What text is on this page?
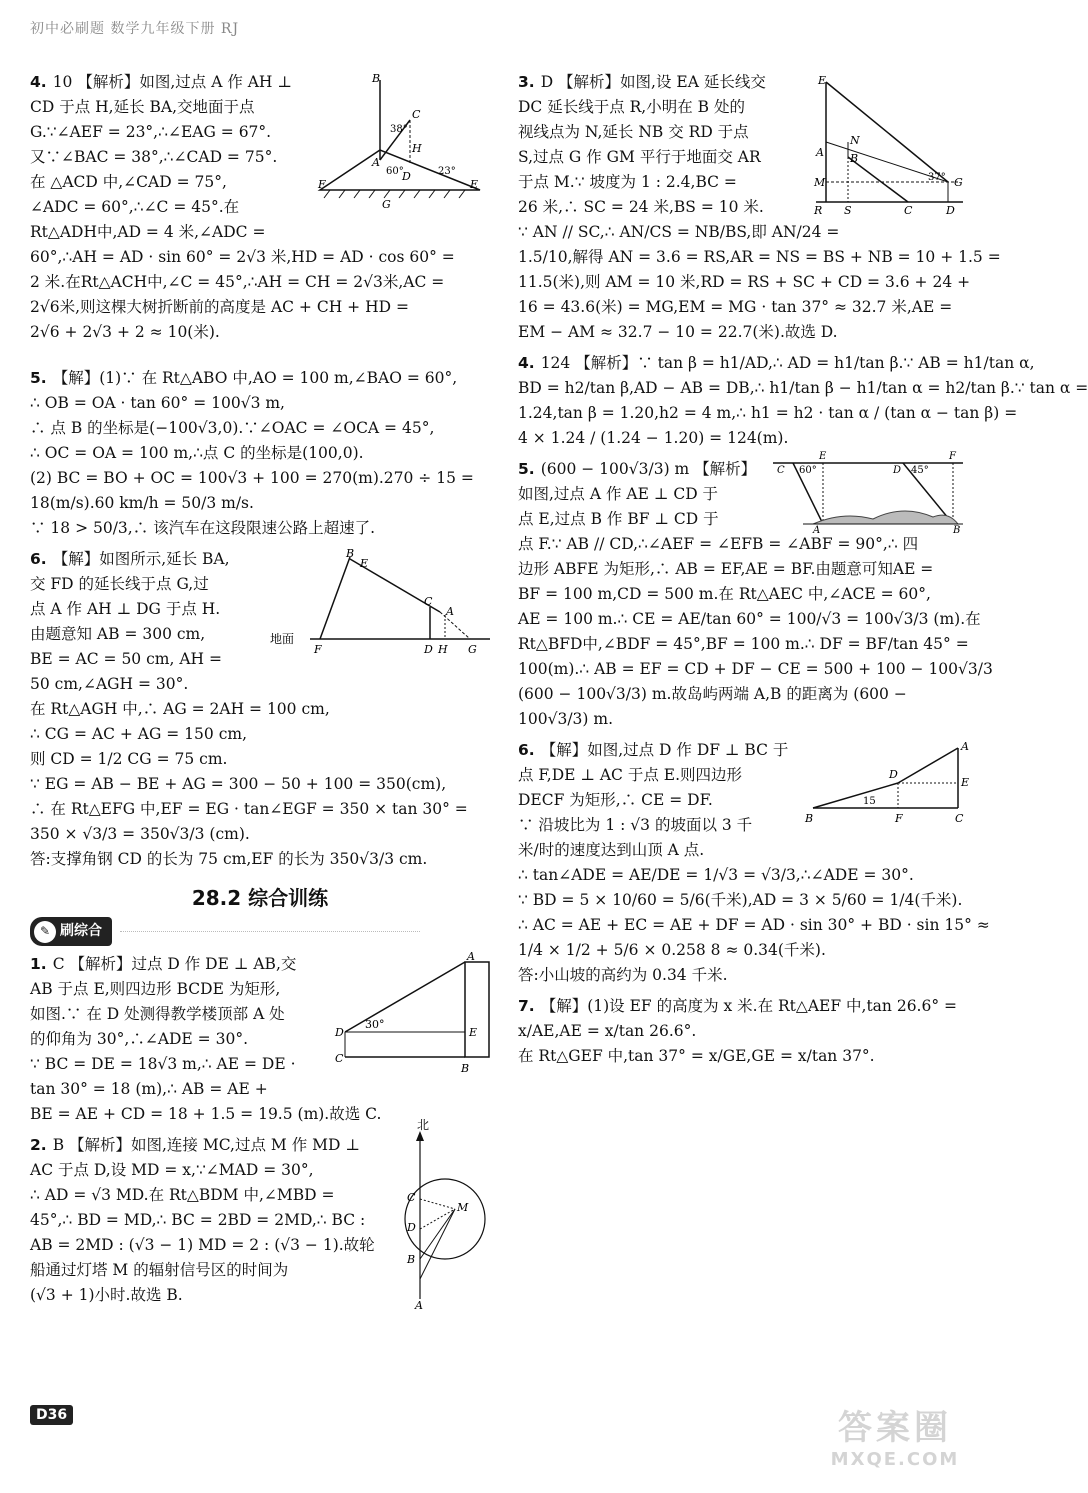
初中必刷题 数学九年级下册 RJ
4. 10 【解析】如图,过点 A 作 AH ⊥
CD 于点 H,延长 BA,交地面于点
G.∵∠AEF = 23°,∴∠EAG = 67°.
又∵∠BAC = 38°,∴∠CAD = 75°.
在 △ACD 中,∠CAD = 75°,
∠ADC = 60°,∴∠C = 45°.在
Rt△ADH中,AD = 4 米,∠ADC =
60°,∴AH = AD · sin 60° = 2√3 米,HD = AD · cos 60° =
2 米.在Rt△ACH中,∠C = 45°,∴AH = CH = 2√3米,AC =
2√6米,则这棵大树折断前的高度是 AC + CH + HD =
2√6 + 2√3 + 2 ≈ 10(米).
B
C
38°
H
A
60°
D	23°
F	E
G
5. 【解】(1)∵ 在 Rt△ABO 中,AO = 100 m,∠BAO = 60°,
∴ OB = OA · tan 60° = 100√3 m,
∴ 点 B 的坐标是(−100√3,0).∵∠OAC = ∠OCA = 45°,
∴ OC = OA = 100 m,∴点 C 的坐标是(100,0).
(2) BC = BO + OC = 100√3 + 100 = 270(m).270 ÷ 15 =
18(m/s).60 km/h = 50/3 m/s.
∵ 18 > 50/3,∴ 该汽车在这段限速公路上超速了.
6. 【解】如图所示,延长 BA,
交 FD 的延长线于点 G,过
点 A 作 AH ⊥ DG 于点 H.
由题意知 AB = 300 cm,
BE = AC = 50 cm, AH =
50 cm,∠AGH = 30°.
在 Rt△AGH 中,∴ AG = 2AH = 100 cm,
∴ CG = AC + AG = 150 cm,
则 CD = 1/2 CG = 75 cm.
∵ EG = AB − BE + AG = 300 − 50 + 100 = 350(cm),
∴ 在 Rt△EFG 中,EF = EG · tan∠EGF = 350 × tan 30° =
350 × √3/3 = 350√3/3 (cm).
答:支撑角钢 CD 的长为 75 cm,EF 的长为 350√3/3 cm.
地面
B
E
C
A
F	D H G
28.2 综合训练
✎ 刷综合
1. C 【解析】过点 D 作 DE ⊥ AB,交
AB 于点 E,则四边形 BCDE 为矩形,
如图.∵ 在 D 处测得教学楼顶部 A 处
的仰角为 30°,∴∠ADE = 30°.
∵ BC = DE = 18√3 m,∴ AE = DE ·
tan 30° = 18 (m),∴ AB = AE +
BE = AE + CD = 18 + 1.5 = 19.5 (m).故选 C.
A
30°
D	E
C
B
2. B 【解析】如图,连接 MC,过点 M 作 MD ⊥
AC 于点 D,设 MD = x,∵∠MAD = 30°,
∴ AD = √3 MD.在 Rt△BDM 中,∠MBD =
45°,∴ BD = MD,∴ BC = 2BD = 2MD,∴ BC :
AB = 2MD : (√3 − 1) MD = 2 : (√3 − 1).故轮
船通过灯塔 M 的辐射信号区的时间为
(√3 + 1)小时.故选 B.
北
M
C
D
B
A
3. D 【解析】如图,设 EA 延长线交
DC 延长线于点 R,小明在 B 处的
视线点为 N,延长 NB 交 RD 于点
S,过点 G 作 GM 平行于地面交 AR
于点 M.∵ 坡度为 1 : 2.4,BC =
26 米,∴ SC = 24 米,BS = 10 米.
∵ AN // SC,∴ AN/CS = NB/BS,即 AN/24 =
1.5/10,解得 AN = 3.6 = RS,AR = NS = BS + NB = 10 + 1.5 =
11.5(米),则 AM = 10 米,RD = RS + SC + CD = 3.6 + 24 +
16 = 43.6(米) = MG,EM = MG · tan 37° ≈ 32.7 米,AE =
EM − AM ≈ 32.7 − 10 = 22.7(米).故选 D.
E
A
N
B
M	37° G
R S	C	D
4. 124 【解析】∵ tan β = h1/AD,∴ AD = h1/tan β.∵ AB = h1/tan α,
BD = h2/tan β,AD − AB = DB,∴ h1/tan β − h1/tan α = h2/tan β.∵ tan α =
1.24,tan β = 1.20,h2 = 4 m,∴ h1 = h2 · tan α / (tan α − tan β) =
4 × 1.24 / (1.24 − 1.20) = 124(m).
5. (600 − 100√3/3) m 【解析】
如图,过点 A 作 AE ⊥ CD 于
点 E,过点 B 作 BF ⊥ CD 于
点 F.∵ AB // CD,∴∠AEF = ∠EFB = ∠ABF = 90°,∴ 四
边形 ABFE 为矩形,∴ AB = EF,AE = BF.由题意可知AE =
BF = 100 m,CD = 500 m.在 Rt△AEC 中,∠ACE = 60°,
AE = 100 m.∴ CE = AE/tan 60° = 100/√3 = 100√3/3 (m).在
Rt△BFD中,∠BDF = 45°,BF = 100 m.∴ DF = BF/tan 45° =
100(m).∴ AB = EF = CD + DF − CE = 500 + 100 − 100√3/3
(600 − 100√3/3) m.故岛屿两端 A,B 的距离为 (600 −
100√3/3) m.
C 60°
E
D 45°
F
A	B
6. 【解】如图,过点 D 作 DF ⊥ BC 于
点 F,DE ⊥ AC 于点 E.则四边形
DECF 为矩形,∴ CE = DF.
∵ 沿坡比为 1 : √3 的坡面以 3 千
米/时的速度达到山顶 A 点.
∴ tan∠ADE = AE/DE = 1/√3 = √3/3,∴∠ADE = 30°.
∵ BD = 5 × 10/60 = 5/6(千米),AD = 3 × 5/60 = 1/4(千米).
∴ AC = AE + EC = AE + DF = AD · sin 30° + BD · sin 15° ≈
1/4 × 1/2 + 5/6 × 0.258 8 ≈ 0.34(千米).
答:小山坡的高约为 0.34 千米.
A
D
E
15
B	F	C
7. 【解】(1)设 EF 的高度为 x 米.在 Rt△AEF 中,tan 26.6° =
x/AE,AE = x/tan 26.6°.
在 Rt△GEF 中,tan 37° = x/GE,GE = x/tan 37°.
D36	答案圈
MXQE.COM
